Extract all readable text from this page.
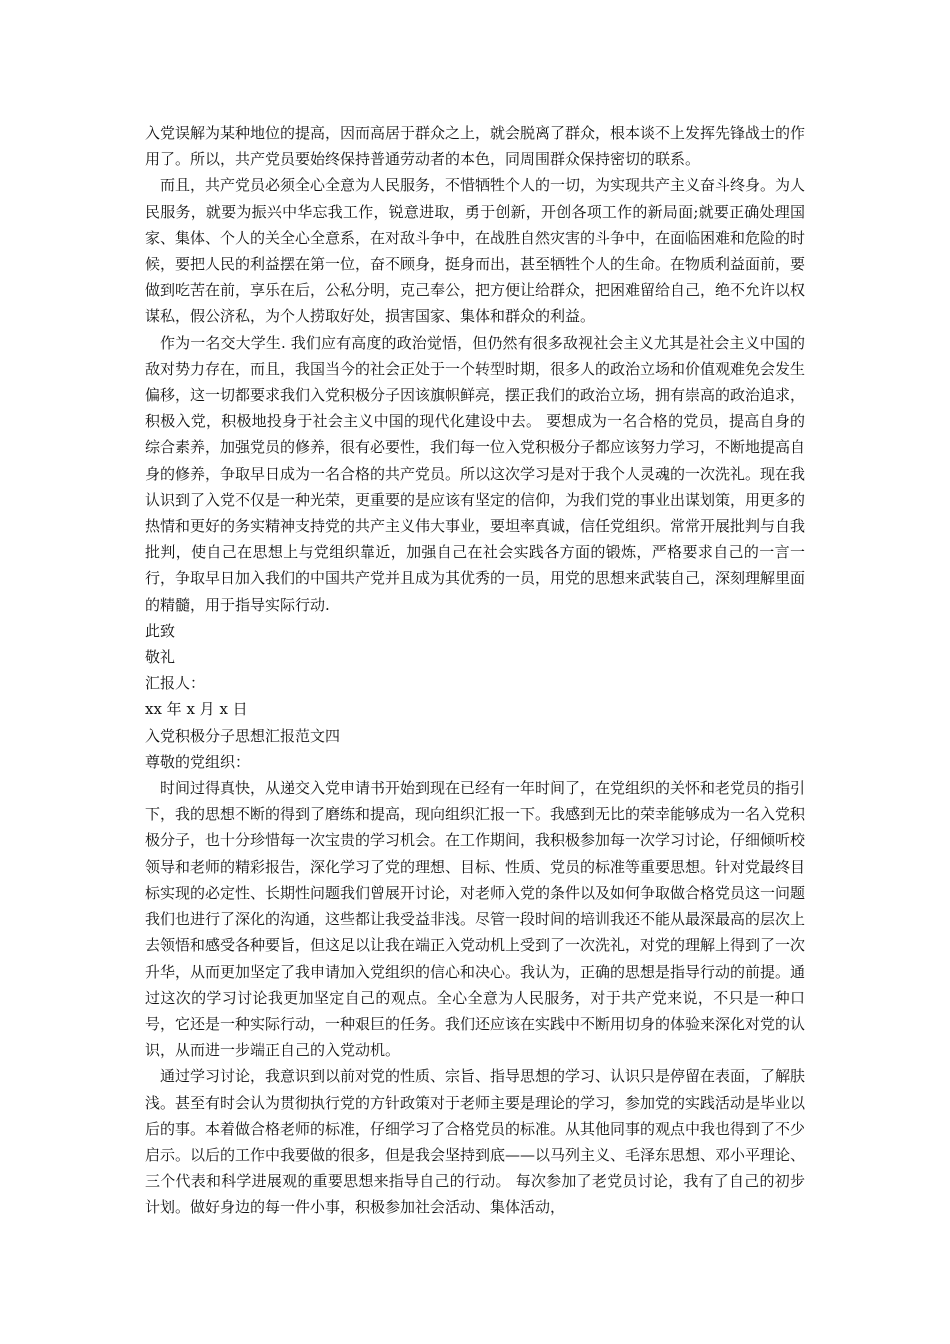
入党误解为某种地位的提高，因而高居于群众之上，就会脱离了群众，根本谈不上发挥先锋战士的作用了。所以，共产党员要始终保持普通劳动者的本色，同周围群众保持密切的联系。

而且，共产党员必须全心全意为人民服务，不惜牺牲个人的一切，为实现共产主义奋斗终身。为人民服务，就要为振兴中华忘我工作，锐意进取，勇于创新，开创各项工作的新局面;就要正确处理国家、集体、个人的关全心全意系，在对敌斗争中，在战胜自然灾害的斗争中，在面临困难和危险的时候，要把人民的利益摆在第一位，奋不顾身，挺身而出，甚至牺牲个人的生命。在物质利益面前，要做到吃苦在前，享乐在后，公私分明，克己奉公，把方便让给群众，把困难留给自己，绝不允许以权谋私，假公济私，为个人捞取好处，损害国家、集体和群众的利益。

作为一名交大学生. 我们应有高度的政治觉悟，但仍然有很多敌视社会主义尤其是社会主义中国的敌对势力存在，而且，我国当今的社会正处于一个转型时期，很多人的政治立场和价值观难免会发生偏移，这一切都要求我们入党积极分子因该旗帜鲜亮，摆正我们的政治立场，拥有崇高的政治追求，积极入党，积极地投身于社会主义中国的现代化建设中去。 要想成为一名合格的党员，提高自身的综合素养，加强党员的修养，很有必要性，我们每一位入党积极分子都应该努力学习，不断地提高自身的修养，争取早日成为一名合格的共产党员。所以这次学习是对于我个人灵魂的一次洗礼。现在我认识到了入党不仅是一种光荣，更重要的是应该有坚定的信仰，为我们党的事业出谋划策，用更多的热情和更好的务实精神支持党的共产主义伟大事业，要坦率真诚，信任党组织。常常开展批判与自我批判，使自己在思想上与党组织靠近，加强自己在社会实践各方面的锻炼，严格要求自己的一言一行，争取早日加入我们的中国共产党并且成为其优秀的一员，用党的思想来武装自己，深刻理解里面的精髓，用于指导实际行动.

此致

敬礼

汇报人：

xx 年 x 月 x 日

入党积极分子思想汇报范文四

尊敬的党组织：

时间过得真快，从递交入党申请书开始到现在已经有一年时间了，在党组织的关怀和老党员的指引下，我的思想不断的得到了磨练和提高，现向组织汇报一下。我感到无比的荣幸能够成为一名入党积极分子，也十分珍惜每一次宝贵的学习机会。在工作期间，我积极参加每一次学习讨论，仔细倾听校领导和老师的精彩报告，深化学习了党的理想、目标、性质、党员的标准等重要思想。针对党最终目标实现的必定性、长期性问题我们曾展开讨论，对老师入党的条件以及如何争取做合格党员这一问题我们也进行了深化的沟通，这些都让我受益非浅。尽管一段时间的培训我还不能从最深最高的层次上去领悟和感受各种要旨，但这足以让我在端正入党动机上受到了一次洗礼，对党的理解上得到了一次升华，从而更加坚定了我申请加入党组织的信心和决心。我认为，正确的思想是指导行动的前提。通过这次的学习讨论我更加坚定自己的观点。全心全意为人民服务，对于共产党来说，不只是一种口号，它还是一种实际行动，一种艰巨的任务。我们还应该在实践中不断用切身的体验来深化对党的认识，从而进一步端正自己的入党动机。

通过学习讨论，我意识到以前对党的性质、宗旨、指导思想的学习、认识只是停留在表面，了解肤浅。甚至有时会认为贯彻执行党的方针政策对于老师主要是理论的学习，参加党的实践活动是毕业以后的事。本着做合格老师的标准，仔细学习了合格党员的标准。从其他同事的观点中我也得到了不少启示。以后的工作中我要做的很多，但是我会坚持到底——以马列主义、毛泽东思想、邓小平理论、三个代表和科学进展观的重要思想来指导自己的行动。 每次参加了老党员讨论，我有了自己的初步计划。做好身边的每一件小事，积极参加社会活动、集体活动，
